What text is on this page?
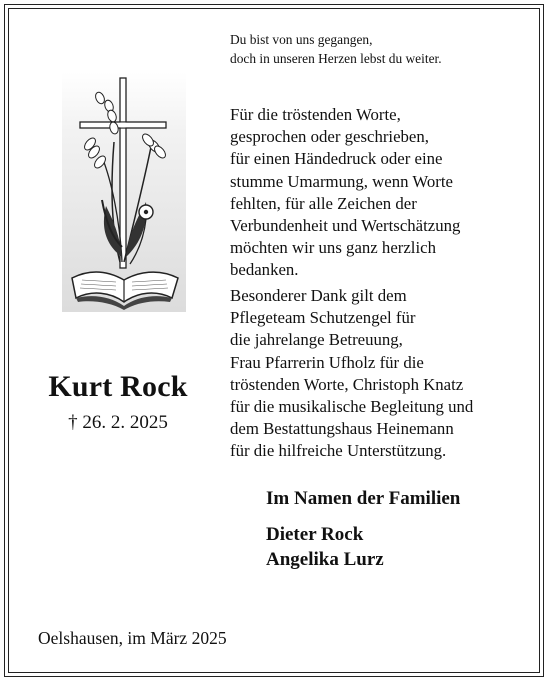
Du bist von uns gegangen,
doch in unseren Herzen lebst du weiter.
Kurt Rock
† 26. 2. 2025
Für die tröstenden Worte,
gesprochen oder geschrieben,
für einen Händedruck oder eine
stumme Umarmung, wenn Worte
fehlten, für alle Zeichen der
Verbundenheit und Wertschätzung
möchten wir uns ganz herzlich
bedanken.
Besonderer Dank gilt dem
Pflegeteam Schutzengel für
die jahrelange Betreuung,
Frau Pfarrerin Ufholz für die
tröstenden Worte, Christoph Knatz
für die musikalische Begleitung und
dem Bestattungshaus Heinemann
für die hilfreiche Unterstützung.
Im Namen der Familien
Dieter Rock
Angelika Lurz
Oelshausen, im März 2025
